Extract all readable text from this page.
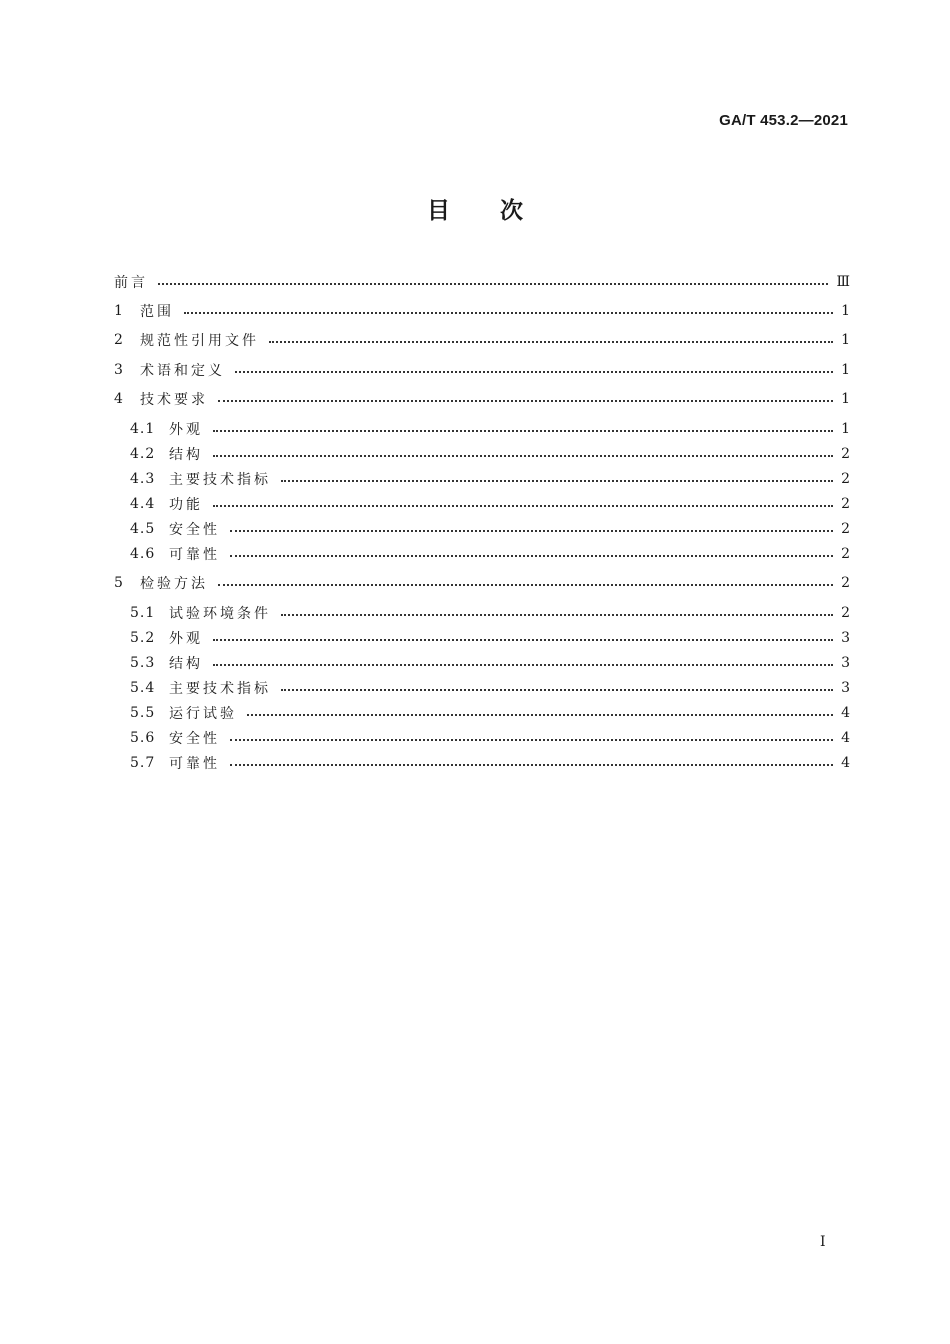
GA/T 453.2—2021
目次
前言	Ⅲ
1	范围	1
2	规范性引用文件	1
3	术语和定义	1
4	技术要求	1
4.1 外观	1
4.2 结构	2
4.3 主要技术指标	2
4.4 功能	2
4.5 安全性	2
4.6 可靠性	2
5	检验方法	2
5.1 试验环境条件	2
5.2 外观	3
5.3 结构	3
5.4 主要技术指标	3
5.5 运行试验	4
5.6 安全性	4
5.7 可靠性	4
I
